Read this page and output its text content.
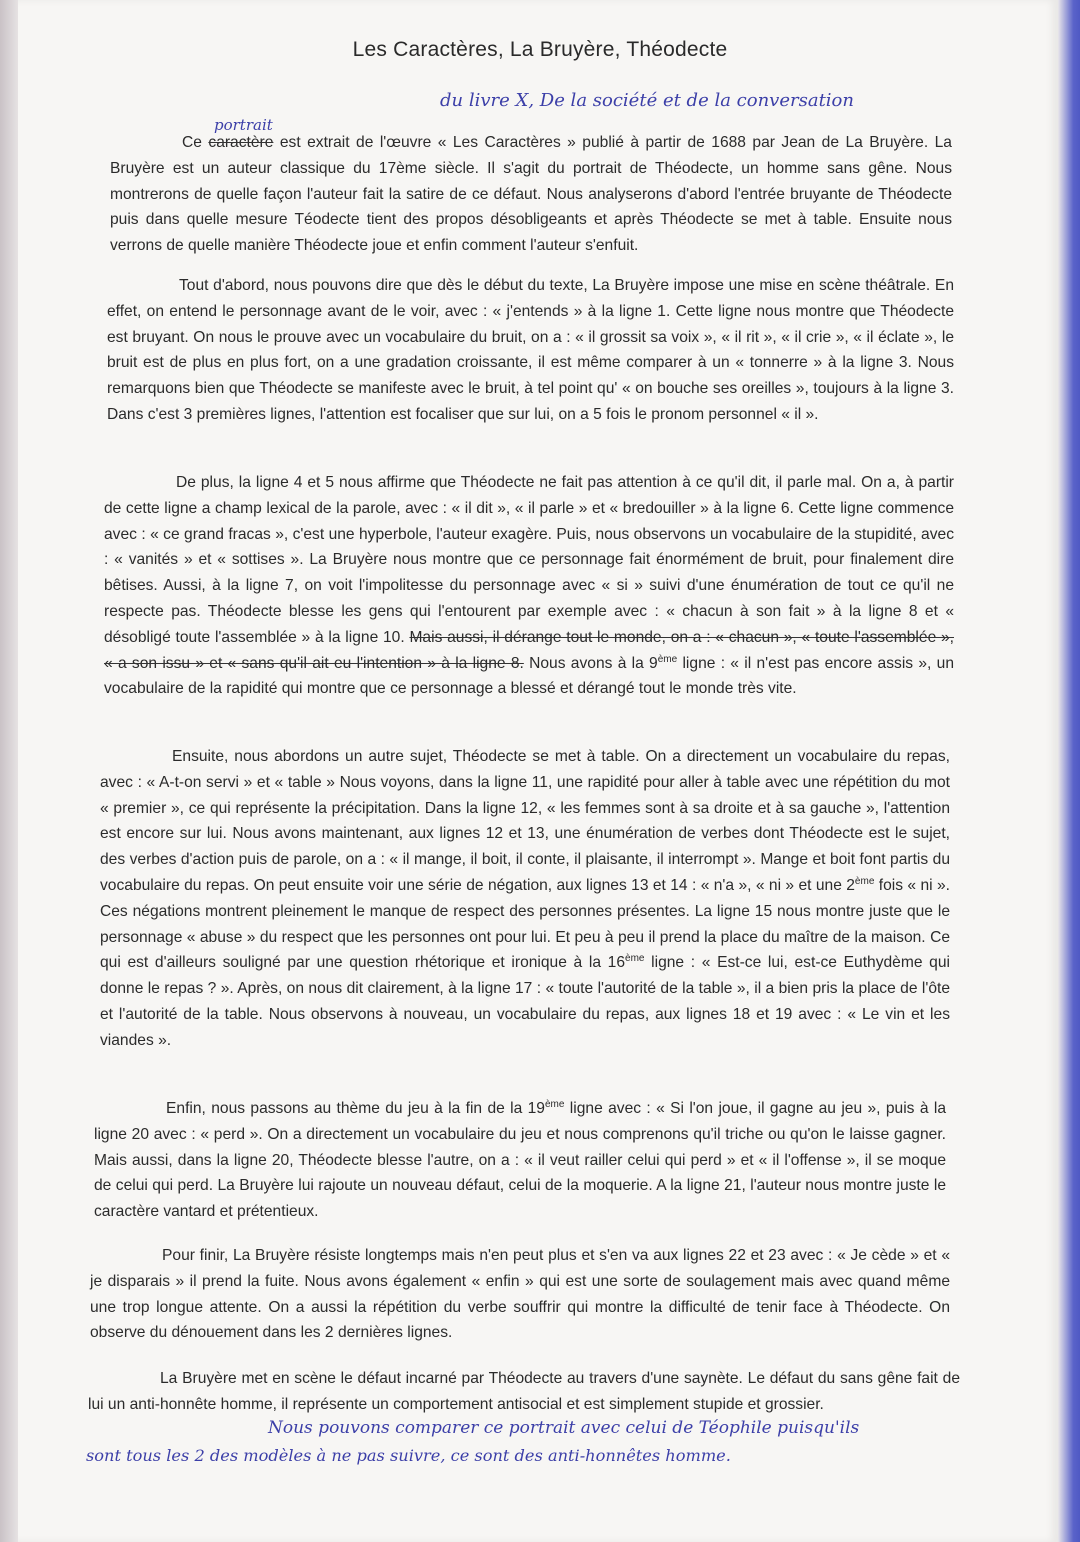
Les Caractères, La Bruyère, Théodecte
du livre X, De la société et de la conversation
portrait

Ce caractère est extrait de l'œuvre « Les Caractères » publié à partir de 1688 par Jean de La Bruyère. La Bruyère est un auteur classique du 17ème siècle. Il s'agit du portrait de Théodecte, un homme sans gêne. Nous montrerons de quelle façon l'auteur fait la satire de ce défaut. Nous analyserons d'abord l'entrée bruyante de Théodecte puis dans quelle mesure Téodecte tient des propos désobligeants et après Théodecte se met à table. Ensuite nous verrons de quelle manière Théodecte joue et enfin comment l'auteur s'enfuit.

Tout d'abord, nous pouvons dire que dès le début du texte, La Bruyère impose une mise en scène théâtrale. En effet, on entend le personnage avant de le voir, avec : « j'entends » à la ligne 1. Cette ligne nous montre que Théodecte est bruyant. On nous le prouve avec un vocabulaire du bruit, on a : « il grossit sa voix », « il rit », « il crie », « il éclate », le bruit est de plus en plus fort, on a une gradation croissante, il est même comparer à un « tonnerre » à la ligne 3. Nous remarquons bien que Théodecte se manifeste avec le bruit, à tel point qu' « on bouche ses oreilles », toujours à la ligne 3. Dans c'est 3 premières lignes, l'attention est focaliser que sur lui, on a 5 fois le pronom personnel « il ».

De plus, la ligne 4 et 5 nous affirme que Théodecte ne fait pas attention à ce qu'il dit, il parle mal. On a, à partir de cette ligne a champ lexical de la parole, avec : « il dit », « il parle » et « bredouiller » à la ligne 6. Cette ligne commence avec : « ce grand fracas », c'est une hyperbole, l'auteur exagère. Puis, nous observons un vocabulaire de la stupidité, avec : « vanités » et « sottises ». La Bruyère nous montre que ce personnage fait énormément de bruit, pour finalement dire bêtises. Aussi, à la ligne 7, on voit l'impolitesse du personnage avec « si » suivi d'une énumération de tout ce qu'il ne respecte pas. Théodecte blesse les gens qui l'entourent par exemple avec : « chacun à son fait » à la ligne 8 et « désobligé toute l'assemblée » à la ligne 10. Mais aussi, il dérange tout le monde, on a : « chacun », « toute l'assemblée », « a son issu » et « sans qu'il ait eu l'intention » à la ligne 8. Nous avons à la 9ème ligne : « il n'est pas encore assis », un vocabulaire de la rapidité qui montre que ce personnage a blessé et dérangé tout le monde très vite.

Ensuite, nous abordons un autre sujet, Théodecte se met à table. On a directement un vocabulaire du repas, avec : « A-t-on servi » et « table » Nous voyons, dans la ligne 11, une rapidité pour aller à table avec une répétition du mot « premier », ce qui représente la précipitation. Dans la ligne 12, « les femmes sont à sa droite et à sa gauche », l'attention est encore sur lui. Nous avons maintenant, aux lignes 12 et 13, une énumération de verbes dont Théodecte est le sujet, des verbes d'action puis de parole, on a : « il mange, il boit, il conte, il plaisante, il interrompt ». Mange et boit font partis du vocabulaire du repas. On peut ensuite voir une série de négation, aux lignes 13 et 14 : « n'a », « ni » et une 2ème fois « ni ». Ces négations montrent pleinement le manque de respect des personnes présentes. La ligne 15 nous montre juste que le personnage « abuse » du respect que les personnes ont pour lui. Et peu à peu il prend la place du maître de la maison. Ce qui est d'ailleurs souligné par une question rhétorique et ironique à la 16ème ligne : « Est-ce lui, est-ce Euthydème qui donne le repas ? ». Après, on nous dit clairement, à la ligne 17 : « toute l'autorité de la table », il a bien pris la place de l'ôte et l'autorité de la table. Nous observons à nouveau, un vocabulaire du repas, aux lignes 18 et 19 avec : « Le vin et les viandes ».

Enfin, nous passons au thème du jeu à la fin de la 19ème ligne avec : « Si l'on joue, il gagne au jeu », puis à la ligne 20 avec : « perd ». On a directement un vocabulaire du jeu et nous comprenons qu'il triche ou qu'on le laisse gagner. Mais aussi, dans la ligne 20, Théodecte blesse l'autre, on a : « il veut railler celui qui perd » et « il l'offense », il se moque de celui qui perd. La Bruyère lui rajoute un nouveau défaut, celui de la moquerie. A la ligne 21, l'auteur nous montre juste le caractère vantard et prétentieux.

Pour finir, La Bruyère résiste longtemps mais n'en peut plus et s'en va aux lignes 22 et 23 avec : « Je cède » et « je disparais » il prend la fuite. Nous avons également « enfin » qui est une sorte de soulagement mais avec quand même une trop longue attente. On a aussi la répétition du verbe souffrir qui montre la difficulté de tenir face à Théodecte. On observe du dénouement dans les 2 dernières lignes.

La Bruyère met en scène le défaut incarné par Théodecte au travers d'une saynète. Le défaut du sans gêne fait de lui un anti-honnête homme, il représente un comportement antisocial et est simplement stupide et grossier.

Nous pouvons comparer ce portrait avec celui de Téophile puisqu'ils
sont tous les 2 des modèles à ne pas suivre, ce sont des anti-honnêtes homme.
